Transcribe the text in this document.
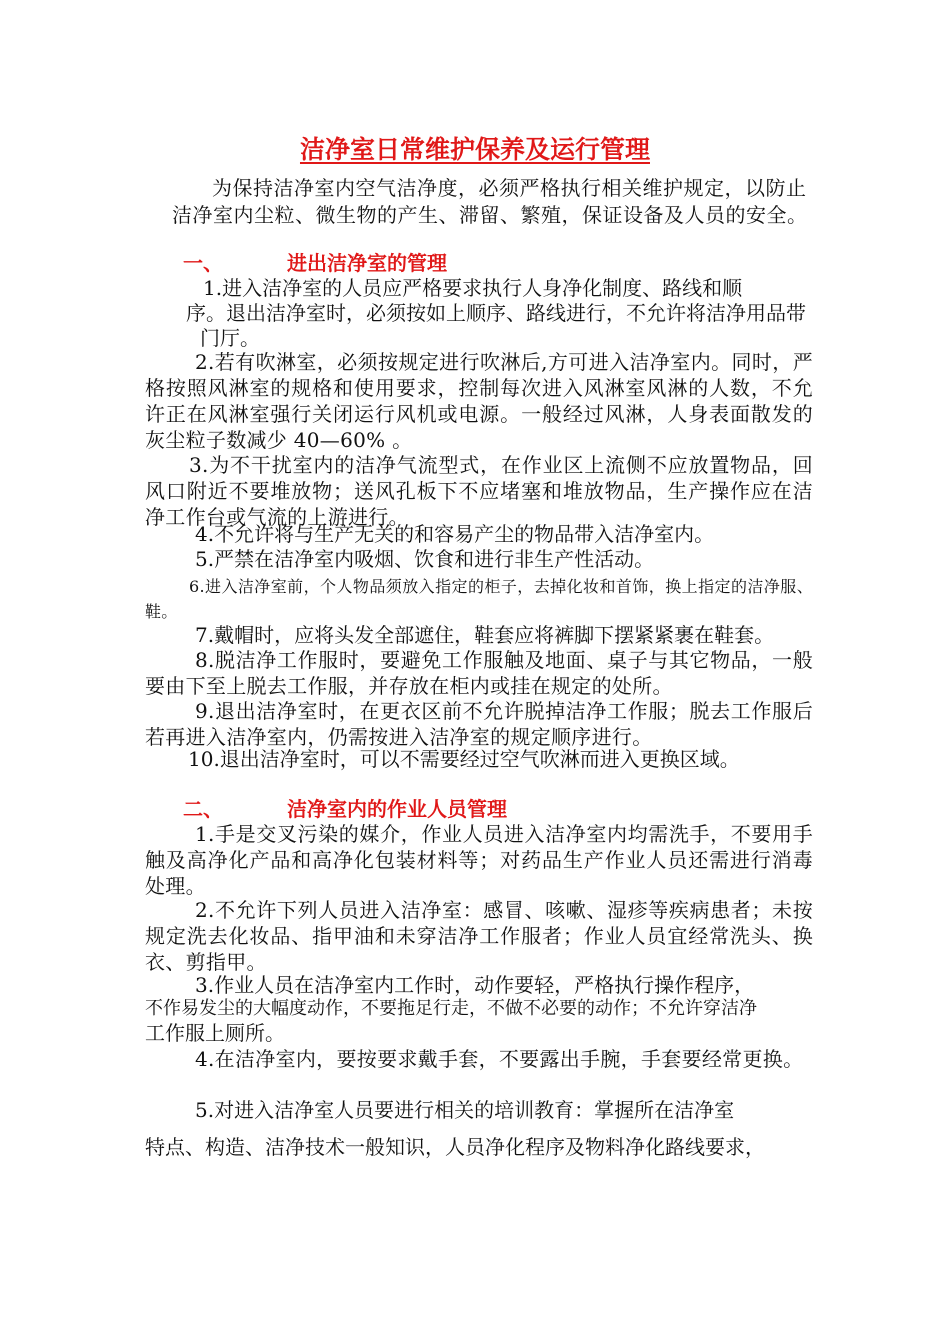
洁净室日常维护保养及运行管理
为保持洁净室内空气洁净度，必须严格执行相关维护规定，以防止洁净室内尘粒、微生物的产生、滞留、繁殖，保证设备及人员的安全。
一、	进出洁净室的管理
1.进入洁净室的人员应严格要求执行人身净化制度、路线和顺
序。退出洁净室时，必须按如上顺序、路线进行，不允许将洁净用品带
门厅。
2.若有吹淋室，必须按规定进行吹淋后,方可进入洁净室内。同时，严格按照风淋室的规格和使用要求，控制每次进入风淋室风淋的人数，不允许正在风淋室强行关闭运行风机或电源。一般经过风淋，人身表面散发的灰尘粒子数减少 40—60% 。
3.为不干扰室内的洁净气流型式，在作业区上流侧不应放置物品，回风口附近不要堆放物；送风孔板下不应堵塞和堆放物品，生产操作应在洁净工作台或气流的上游进行。
4.不允许将与生产无关的和容易产尘的物品带入洁净室内。
5.严禁在洁净室内吸烟、饮食和进行非生产性活动。
6.进入洁净室前，个人物品须放入指定的柜子，去掉化妆和首饰，换上指定的洁净服、鞋。
7.戴帽时，应将头发全部遮住，鞋套应将裤脚下摆紧紧裹在鞋套。
8.脱洁净工作服时，要避免工作服触及地面、桌子与其它物品，一般要由下至上脱去工作服，并存放在柜内或挂在规定的处所。
9.退出洁净室时，在更衣区前不允许脱掉洁净工作服；脱去工作服后若再进入洁净室内，仍需按进入洁净室的规定顺序进行。
10.退出洁净室时，可以不需要经过空气吹淋而进入更换区域。
二、	洁净室内的作业人员管理
1.手是交叉污染的媒介，作业人员进入洁净室内均需洗手，不要用手触及高净化产品和高净化包装材料等；对药品生产作业人员还需进行消毒处理。
2.不允许下列人员进入洁净室：感冒、咳嗽、湿疹等疾病患者；未按规定洗去化妆品、指甲油和未穿洁净工作服者；作业人员宜经常洗头、换衣、剪指甲。
3.作业人员在洁净室内工作时，动作要轻，严格执行操作程序，
不作易发尘的大幅度动作，不要拖足行走，不做不必要的动作；不允许穿洁净
工作服上厕所。
4.在洁净室内，要按要求戴手套，不要露出手腕，手套要经常更换。
5.对进入洁净室人员要进行相关的培训教育：掌握所在洁净室
特点、构造、洁净技术一般知识，人员净化程序及物料净化路线要求，
